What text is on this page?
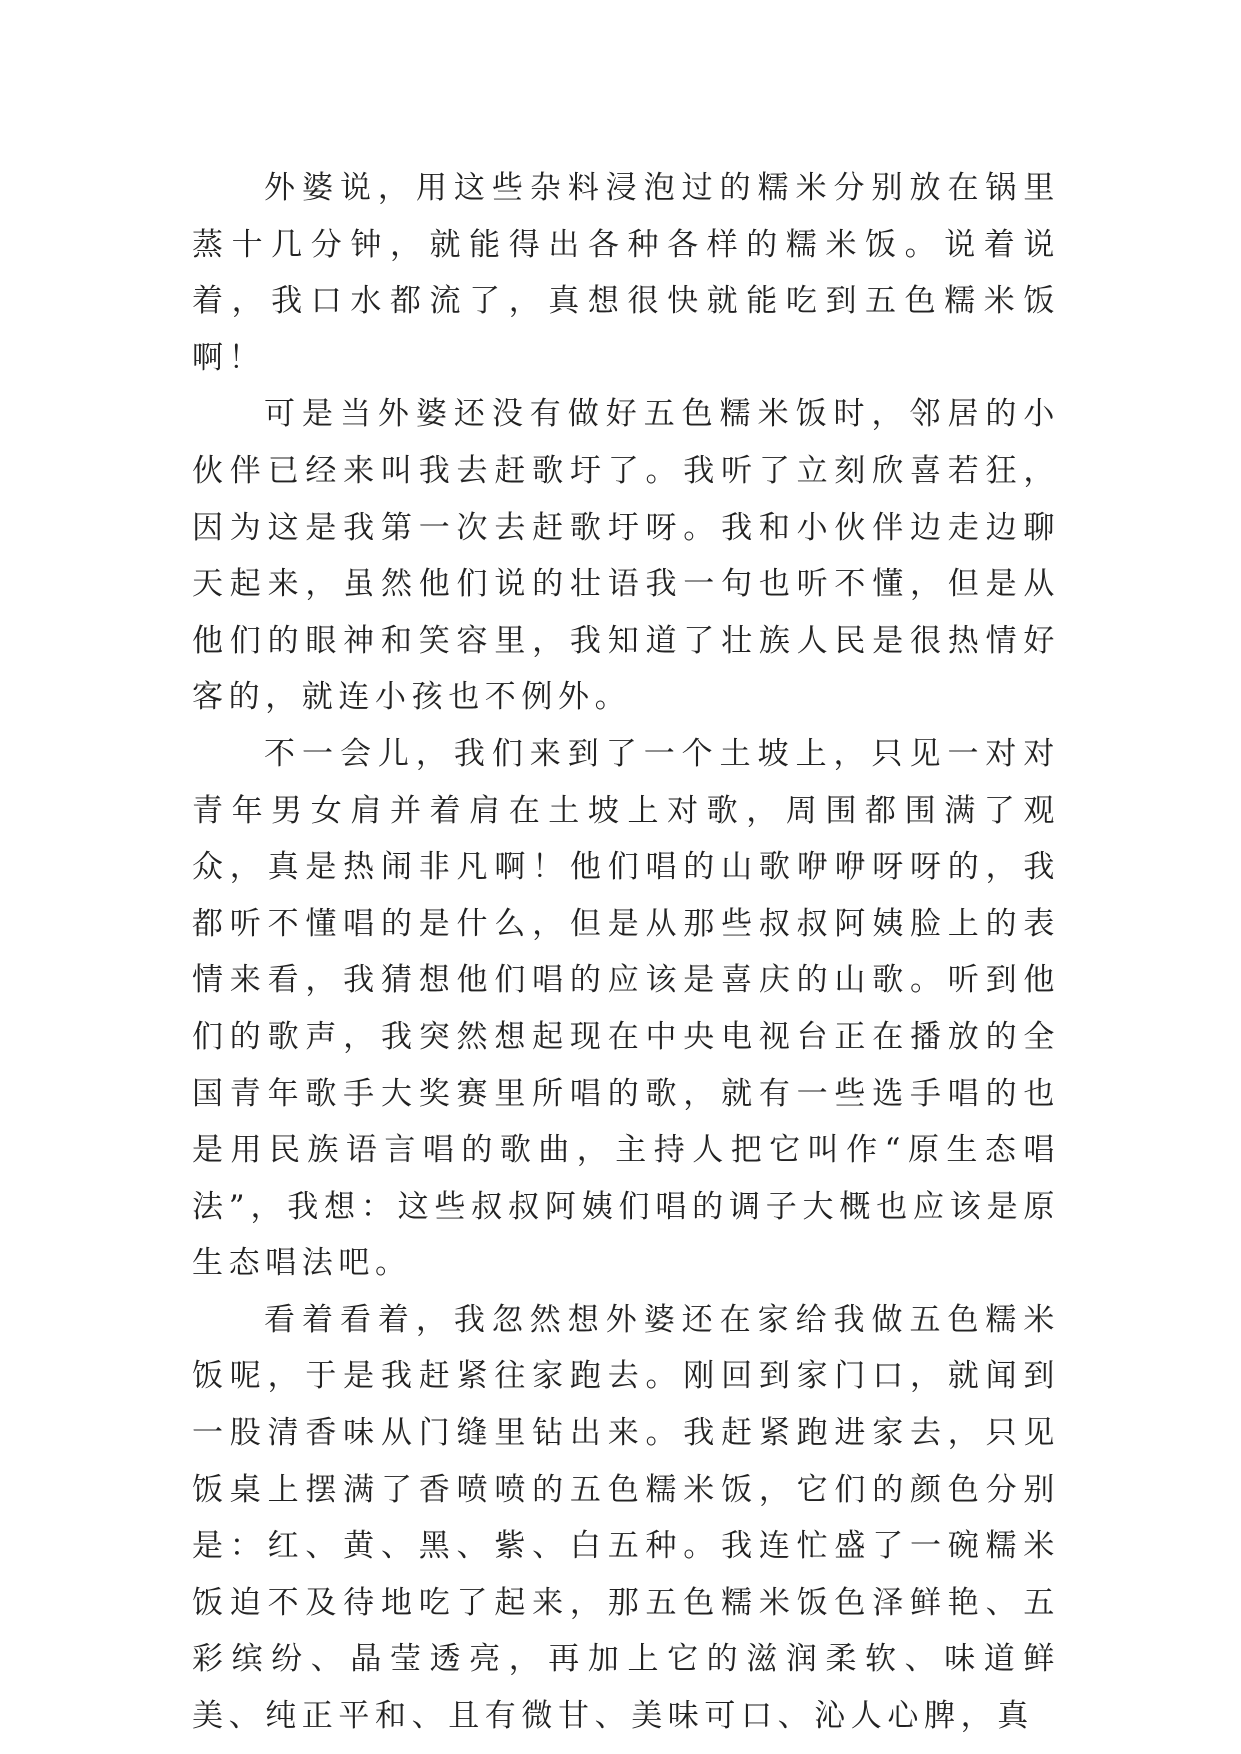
外婆说，用这些杂料浸泡过的糯米分别放在锅里蒸十几分钟，就能得出各种各样的糯米饭。说着说着，我口水都流了，真想很快就能吃到五色糯米饭啊！

可是当外婆还没有做好五色糯米饭时，邻居的小伙伴已经来叫我去赶歌圩了。我听了立刻欣喜若狂，因为这是我第一次去赶歌圩呀。我和小伙伴边走边聊天起来，虽然他们说的壮语我一句也听不懂，但是从他们的眼神和笑容里，我知道了壮族人民是很热情好客的，就连小孩也不例外。

不一会儿，我们来到了一个土坡上，只见一对对青年男女肩并着肩在土坡上对歌，周围都围满了观众，真是热闹非凡啊！他们唱的山歌咿咿呀呀的，我都听不懂唱的是什么，但是从那些叔叔阿姨脸上的表情来看，我猜想他们唱的应该是喜庆的山歌。听到他们的歌声，我突然想起现在中央电视台正在播放的全国青年歌手大奖赛里所唱的歌，就有一些选手唱的也是用民族语言唱的歌曲，主持人把它叫作“原生态唱法”，我想：这些叔叔阿姨们唱的调子大概也应该是原生态唱法吧。

看着看着，我忽然想外婆还在家给我做五色糯米饭呢，于是我赶紧往家跑去。刚回到家门口，就闻到一股清香味从门缝里钻出来。我赶紧跑进家去，只见饭桌上摆满了香喷喷的五色糯米饭，它们的颜色分别是：红、黄、黑、紫、白五种。我连忙盛了一碗糯米饭迫不及待地吃了起来，那五色糯米饭色泽鲜艳、五彩缤纷、晶莹透亮，再加上它的滋润柔软、味道鲜美、纯正平和、且有微甘、美味可口、沁人心脾，真
